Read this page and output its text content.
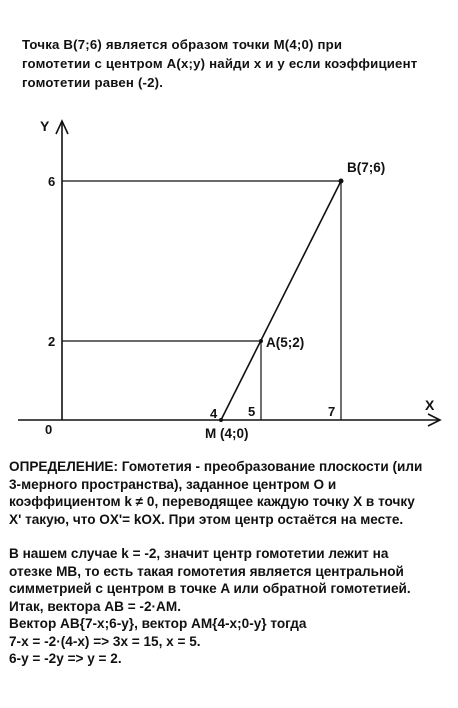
Точка B(7;6) является образом точки M(4;0) при
гомотетии с центром A(x;y) найди x и y если коэффициент
гомотетии равен (-2).
Y
X
0
6
2
4 5	7
B(7;6)
A(5;2)
M (4;0)
ОПРЕДЕЛЕНИЕ: Гомотетия - преобразование плоскости (или
3-мерного пространства), заданное центром O и
коэффициентом k ≠ 0, переводящее каждую точку X в точку
X' такую, что OX'= kOX. При этом центр остаётся на месте.
В нашем случае k = -2, значит центр гомотетии лежит на
отезке MB, то есть такая гомотетия является центральной
симметрией с центром в точке A или обратной гомотетией.
Итак, вектора AB = -2·AM.
Вектор AB{7-x;6-y}, вектор AM{4-x;0-y} тогда
7-x = -2·(4-x) => 3x = 15, x = 5.
6-y = -2y => y = 2.
